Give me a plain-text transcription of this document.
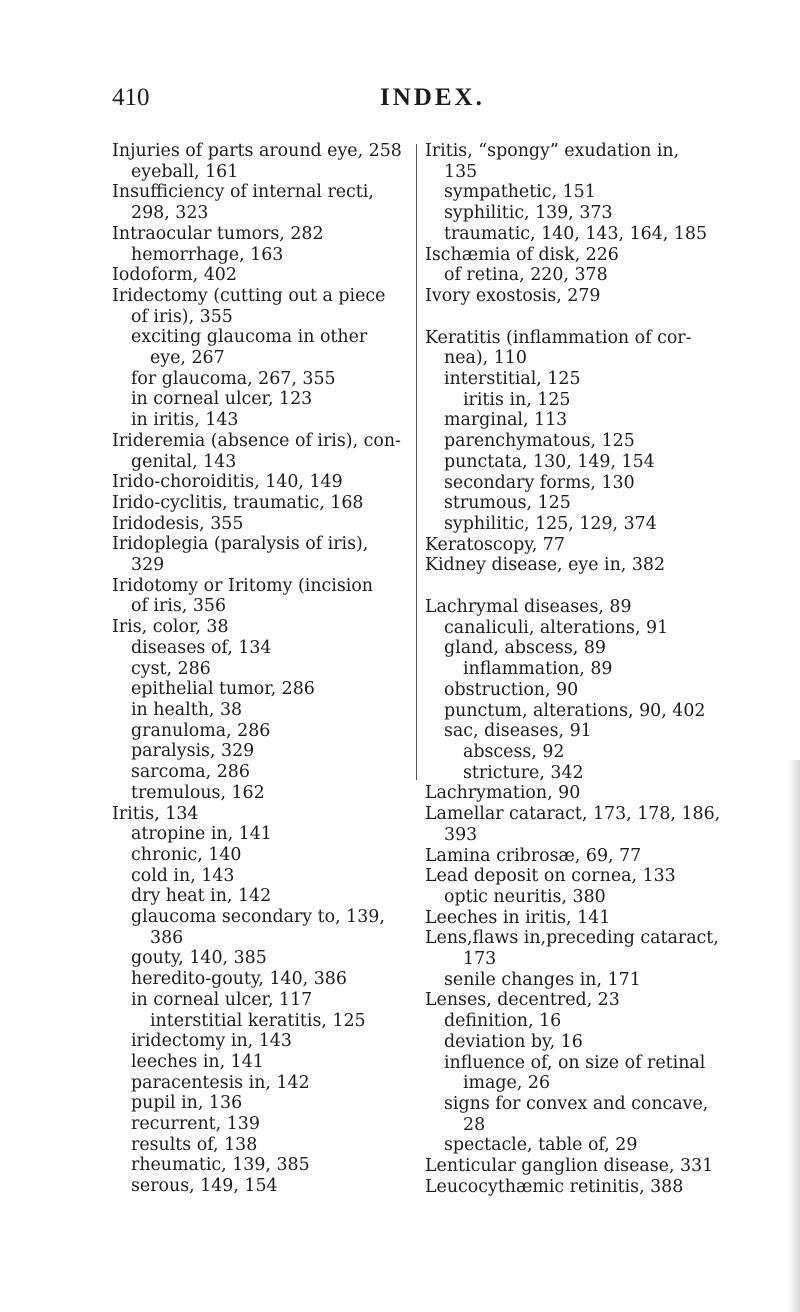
410	INDEX.
Injuries of parts around eye, 258
eyeball, 161
Insufficiency of internal recti,
298, 323
Intraocular tumors, 282
hemorrhage, 163
Iodoform, 402
Iridectomy (cutting out a piece
of iris), 355
exciting glaucoma in other
eye, 267
for glaucoma, 267, 355
in corneal ulcer, 123
in iritis, 143
Irideremia (absence of iris), con-
genital, 143
Irido-choroiditis, 140, 149
Irido-cyclitis, traumatic, 168
Iridodesis, 355
Iridoplegia (paralysis of iris),
329
Iridotomy or Iritomy (incision
of iris, 356
Iris, color, 38
diseases of, 134
cyst, 286
epithelial tumor, 286
in health, 38
granuloma, 286
paralysis, 329
sarcoma, 286
tremulous, 162
Iritis, 134
atropine in, 141
chronic, 140
cold in, 143
dry heat in, 142
glaucoma secondary to, 139,
386
gouty, 140, 385
heredito-gouty, 140, 386
in corneal ulcer, 117
interstitial keratitis, 125
iridectomy in, 143
leeches in, 141
paracentesis in, 142
pupil in, 136
recurrent, 139
results of, 138
rheumatic, 139, 385
serous, 149, 154
Iritis, “spongy” exudation in,
135
sympathetic, 151
syphilitic, 139, 373
traumatic, 140, 143, 164, 185
Ischæmia of disk, 226
of retina, 220, 378
Ivory exostosis, 279
Keratitis (inflammation of cor-
nea), 110
interstitial, 125
iritis in, 125
marginal, 113
parenchymatous, 125
punctata, 130, 149, 154
secondary forms, 130
strumous, 125
syphilitic, 125, 129, 374
Keratoscopy, 77
Kidney disease, eye in, 382
Lachrymal diseases, 89
canaliculi, alterations, 91
gland, abscess, 89
inflammation, 89
obstruction, 90
punctum, alterations, 90, 402
sac, diseases, 91
abscess, 92
stricture, 342
Lachrymation, 90
Lamellar cataract, 173, 178, 186,
393
Lamina cribrosæ, 69, 77
Lead deposit on cornea, 133
optic neuritis, 380
Leeches in iritis, 141
Lens,flaws in,preceding cataract,
173
senile changes in, 171
Lenses, decentred, 23
definition, 16
deviation by, 16
influence of, on size of retinal
image, 26
signs for convex and concave,
28
spectacle, table of, 29
Lenticular ganglion disease, 331
Leucocythæmic retinitis, 388
